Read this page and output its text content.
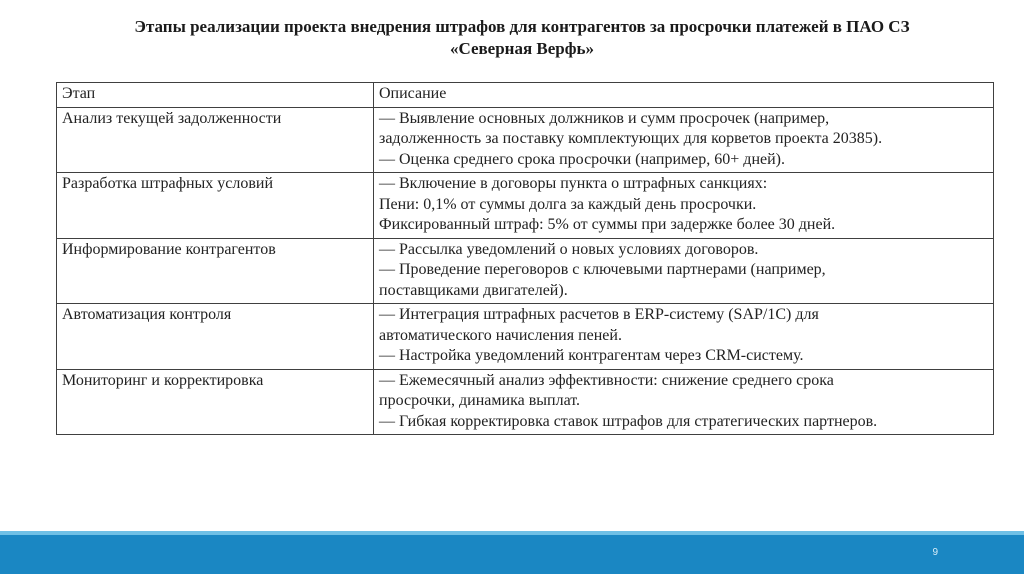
Этапы реализации проекта внедрения штрафов для контрагентов за просрочки платежей в ПАО СЗ
«Северная Верфь»
Этап	Описание
Анализ текущей задолженности	— Выявление основных должников и сумм просрочек (например,
задолженность за поставку комплектующих для корветов проекта 20385).
— Оценка среднего срока просрочки (например, 60+ дней).

Разработка штрафных условий	— Включение в договоры пункта о штрафных санкциях:
Пени: 0,1% от суммы долга за каждый день просрочки.
Фиксированный штраф: 5% от суммы при задержке более 30 дней.

Информирование контрагентов	— Рассылка уведомлений о новых условиях договоров.
— Проведение переговоров с ключевыми партнерами (например,
поставщиками двигателей).

Автоматизация контроля	— Интеграция штрафных расчетов в ERP-систему (SAP/1С) для
автоматического начисления пеней.
— Настройка уведомлений контрагентам через CRM-систему.

Мониторинг и корректировка	— Ежемесячный анализ эффективности: снижение среднего срока
просрочки, динамика выплат.
— Гибкая корректировка ставок штрафов для стратегических партнеров.
9
